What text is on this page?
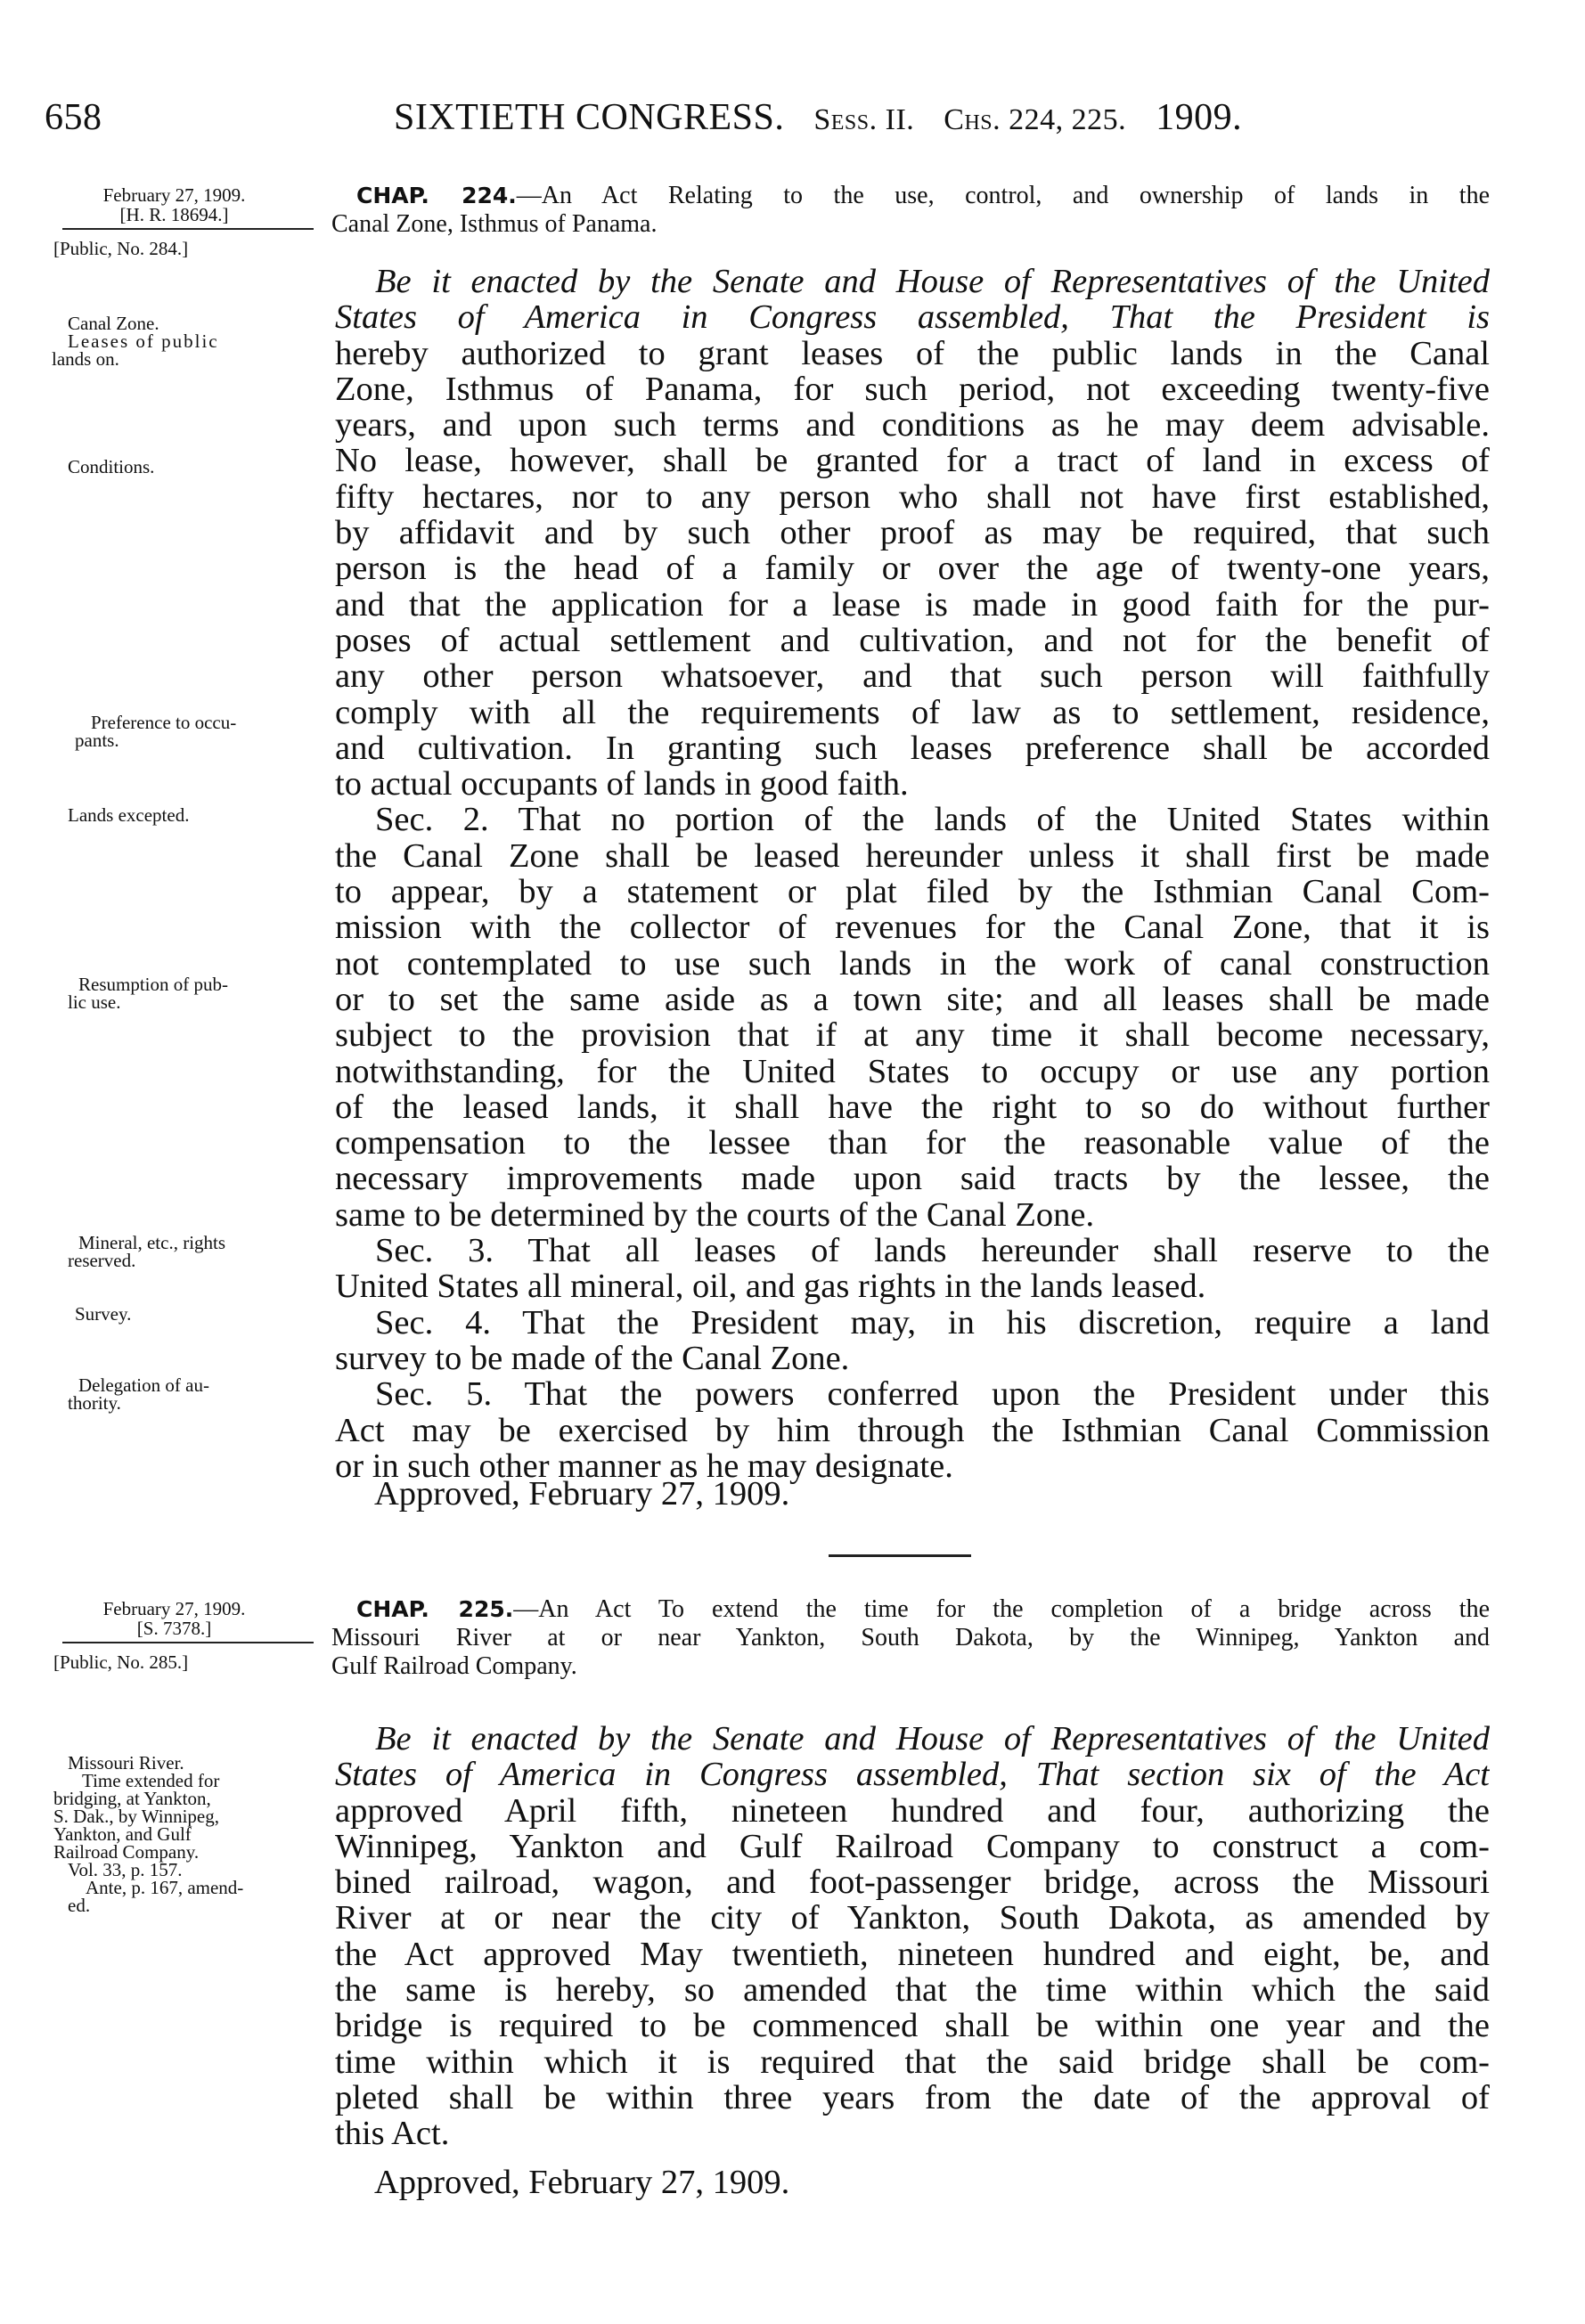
658	SIXTIETH CONGRESS. Sess. II. Chs. 224, 225. 1909.
February 27, 1909.
[H. R. 18694.]
[Public, No. 284.]
Canal Zone.
Leases of public
lands on.
Conditions.
Preference to occu-
pants.
Lands excepted.
Resumption of pub-
lic use.
Mineral, etc., rights
reserved.
Survey.
Delegation of au-
thority.
CHAP. 224.—An Act Relating to the use, control, and ownership of lands in the
Canal Zone, Isthmus of Panama.
Be it enacted by the Senate and House of Representatives of the United
States of America in Congress assembled, That the President is
hereby authorized to grant leases of the public lands in the Canal
Zone, Isthmus of Panama, for such period, not exceeding twenty-five
years, and upon such terms and conditions as he may deem advisable.
No lease, however, shall be granted for a tract of land in excess of
fifty hectares, nor to any person who shall not have first established,
by affidavit and by such other proof as may be required, that such
person is the head of a family or over the age of twenty-one years,
and that the application for a lease is made in good faith for the pur-
poses of actual settlement and cultivation, and not for the benefit of
any other person whatsoever, and that such person will faithfully
comply with all the requirements of law as to settlement, residence,
and cultivation. In granting such leases preference shall be accorded
to actual occupants of lands in good faith.
Sec. 2. That no portion of the lands of the United States within
the Canal Zone shall be leased hereunder unless it shall first be made
to appear, by a statement or plat filed by the Isthmian Canal Com-
mission with the collector of revenues for the Canal Zone, that it is
not contemplated to use such lands in the work of canal construction
or to set the same aside as a town site; and all leases shall be made
subject to the provision that if at any time it shall become necessary,
notwithstanding, for the United States to occupy or use any portion
of the leased lands, it shall have the right to so do without further
compensation to the lessee than for the reasonable value of the
necessary improvements made upon said tracts by the lessee, the
same to be determined by the courts of the Canal Zone.
Sec. 3. That all leases of lands hereunder shall reserve to the
United States all mineral, oil, and gas rights in the lands leased.
Sec. 4. That the President may, in his discretion, require a land
survey to be made of the Canal Zone.
Sec. 5. That the powers conferred upon the President under this
Act may be exercised by him through the Isthmian Canal Commission
or in such other manner as he may designate.
Approved, February 27, 1909.
February 27, 1909.
[S. 7378.]
[Public, No. 285.]
Missouri River.
Time extended for
bridging, at Yankton,
S. Dak., by Winnipeg,
Yankton, and Gulf
Railroad Company.
Vol. 33, p. 157.
Ante, p. 167, amend-
ed.
CHAP. 225.—An Act To extend the time for the completion of a bridge across the
Missouri River at or near Yankton, South Dakota, by the Winnipeg, Yankton and
Gulf Railroad Company.
Be it enacted by the Senate and House of Representatives of the United
States of America in Congress assembled, That section six of the Act
approved April fifth, nineteen hundred and four, authorizing the
Winnipeg, Yankton and Gulf Railroad Company to construct a com-
bined railroad, wagon, and foot-passenger bridge, across the Missouri
River at or near the city of Yankton, South Dakota, as amended by
the Act approved May twentieth, nineteen hundred and eight, be, and
the same is hereby, so amended that the time within which the said
bridge is required to be commenced shall be within one year and the
time within which it is required that the said bridge shall be com-
pleted shall be within three years from the date of the approval of
this Act.
Approved, February 27, 1909.
